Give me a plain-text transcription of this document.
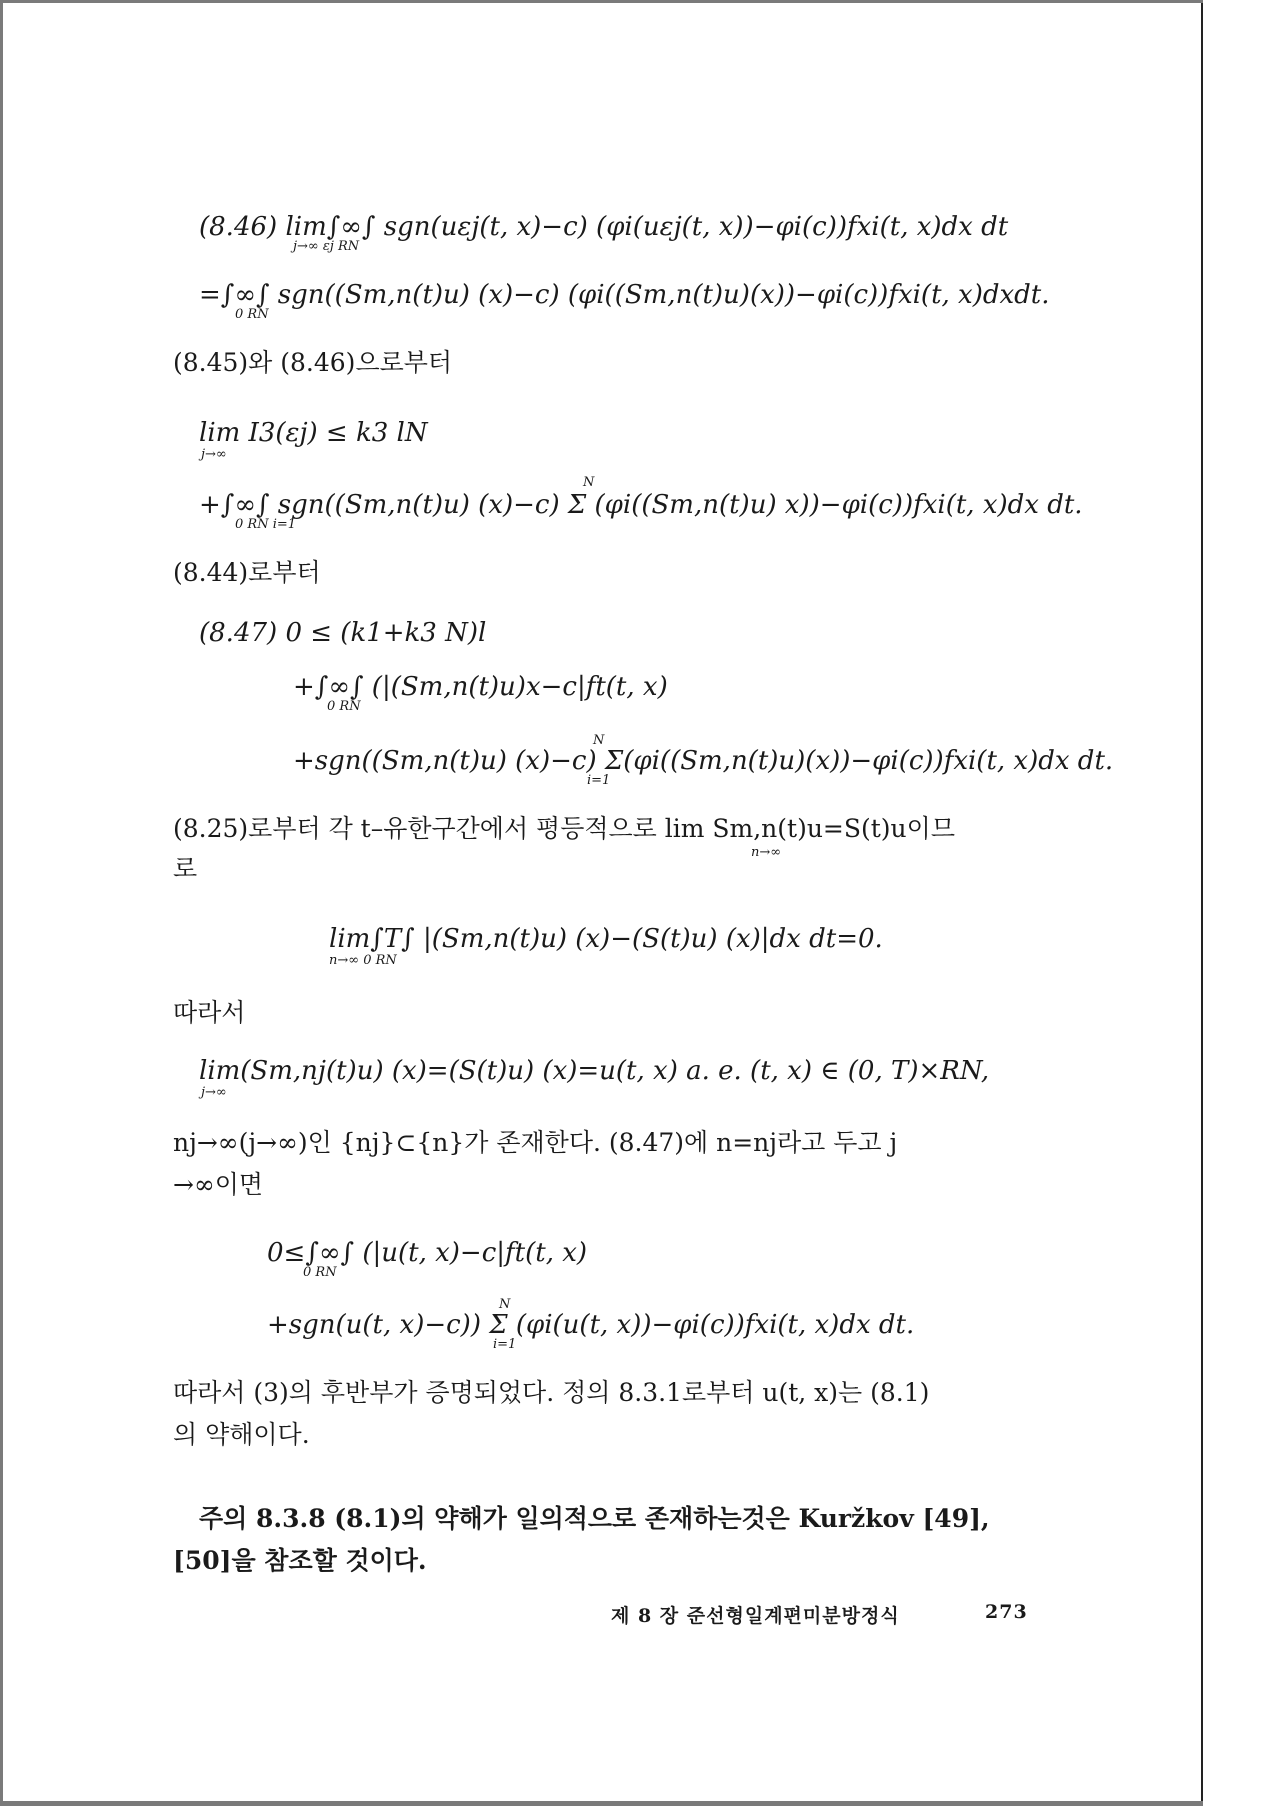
(8.46) lim∫∞∫ sgn(uεj(t, x)−c) (φi(uεj(t, x))−φi(c))fxi(t, x)dx dt
j→∞ εj RN
=∫∞∫ sgn((Sm,n(t)u) (x)−c) (φi((Sm,n(t)u)(x))−φi(c))fxi(t, x)dxdt.
0 RN
(8.45)와 (8.46)으로부터
lim I3(εj) ≤ k3 lN
j→∞
N
+∫∞∫ sgn((Sm,n(t)u) (x)−c) Σ (φi((Sm,n(t)u) x))−φi(c))fxi(t, x)dx dt.
0 RN i=1
(8.44)로부터
(8.47) 0 ≤ (k1+k3 N)l
+∫∞∫ (|(Sm,n(t)u)x−c|ft(t, x)
0 RN
N
+sgn((Sm,n(t)u) (x)−c) Σ(φi((Sm,n(t)u)(x))−φi(c))fxi(t, x)dx dt.
i=1
(8.25)로부터 각 t–유한구간에서 평등적으로 lim Sm,n(t)u=S(t)u이므
n→∞
로
lim∫T∫ |(Sm,n(t)u) (x)−(S(t)u) (x)|dx dt=0.
n→∞ 0 RN
따라서
lim(Sm,nj(t)u) (x)=(S(t)u) (x)=u(t, x) a. e. (t, x) ∈ (0, T)×RN,
j→∞
nj→∞(j→∞)인 {nj}⊂{n}가 존재한다. (8.47)에 n=nj라고 두고 j
→∞이면
0≤∫∞∫ (|u(t, x)−c|ft(t, x)
0 RN
N
+sgn(u(t, x)−c)) Σ (φi(u(t, x))−φi(c))fxi(t, x)dx dt.
i=1
따라서 (3)의 후반부가 증명되었다. 정의 8.3.1로부터 u(t, x)는 (8.1)
의 약해이다.
주의 8.3.8 (8.1)의 약해가 일의적으로 존재하는것은 Kuržkov [49],
[50]을 참조할 것이다.
제 8 장 준선형일계편미분방정식	273
